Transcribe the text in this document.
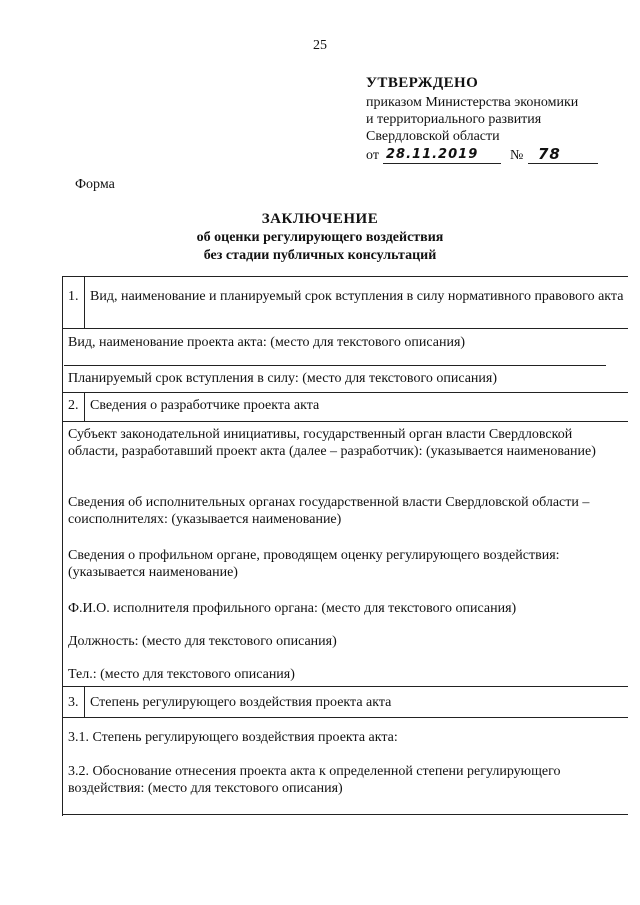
25
УТВЕРЖДЕНО
приказом Министерства экономики
и территориального развития
Свердловской области
от 28.11.2019 № 78
Форма
ЗАКЛЮЧЕНИЕ
об оценки регулирующего воздействия
без стадии публичных консультаций
1. Вид, наименование и планируемый срок вступления в силу нормативного правового акта
Вид, наименование проекта акта: (место для текстового описания)
Планируемый срок вступления в силу: (место для текстового описания)
2. Сведения о разработчике проекта акта
Субъект законодательной инициативы, государственный орган власти Свердловской области, разработавший проект акта (далее – разработчик): (указывается наименование)
Сведения об исполнительных органах государственной власти Свердловской области – соисполнителях: (указывается наименование)
Сведения о профильном органе, проводящем оценку регулирующего воздействия: (указывается наименование)
Ф.И.О. исполнителя профильного органа: (место для текстового описания)
Должность: (место для текстового описания)
Тел.: (место для текстового описания)
3. Степень регулирующего воздействия проекта акта
3.1. Степень регулирующего воздействия проекта акта:
3.2. Обоснование отнесения проекта акта к определенной степени регулирующего воздействия: (место для текстового описания)
